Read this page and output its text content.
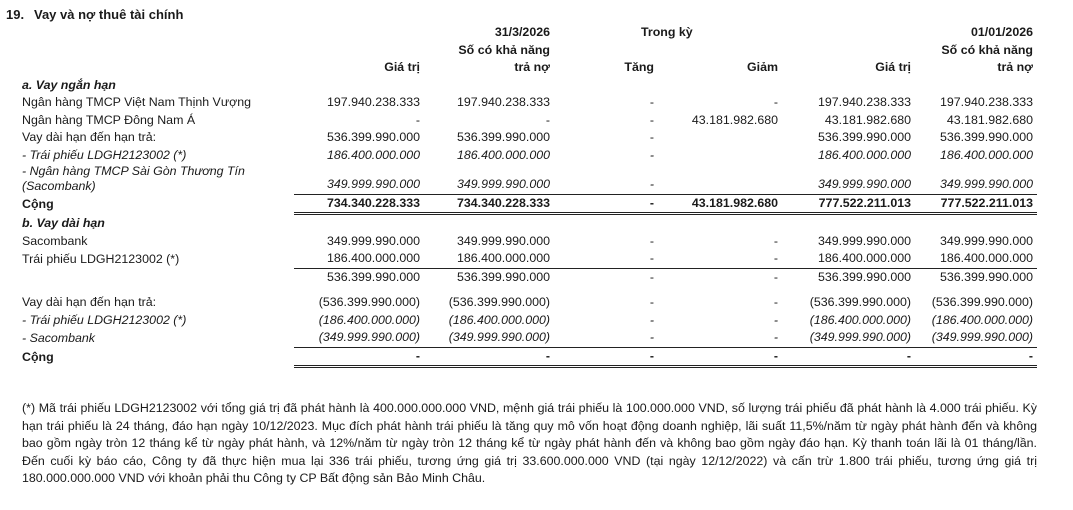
19. Vay và nợ thuê tài chính
		31/3/2026		Trong kỳ		01/01/2026
		Số có khả năng				Số có khả năng
	Giá trị	trả nợ	Tăng	Giảm	Giá trị	trả nợ
a. Vay ngắn hạn
Ngân hàng TMCP Việt Nam Thịnh Vượng	197.940.238.333	197.940.238.333	-	-	197.940.238.333	197.940.238.333
Ngân hàng TMCP Đông Nam Á	-	-	-	43.181.982.680	43.181.982.680	43.181.982.680
Vay dài hạn đến hạn trả:	536.399.990.000	536.399.990.000	-		536.399.990.000	536.399.990.000
- Trái phiếu LDGH2123002 (*)	186.400.000.000	186.400.000.000	-		186.400.000.000	186.400.000.000
- Ngân hàng TMCP Sài Gòn Thương Tín (Sacombank)	349.999.990.000	349.999.990.000	-		349.999.990.000	349.999.990.000
Cộng	734.340.228.333	734.340.228.333	-	43.181.982.680	777.522.211.013	777.522.211.013
b. Vay dài hạn
Sacombank	349.999.990.000	349.999.990.000	-	-	349.999.990.000	349.999.990.000
Trái phiếu LDGH2123002 (*)	186.400.000.000	186.400.000.000	-	-	186.400.000.000	186.400.000.000
	536.399.990.000	536.399.990.000	-	-	536.399.990.000	536.399.990.000

Vay dài hạn đến hạn trả:	(536.399.990.000)	(536.399.990.000)	-	-	(536.399.990.000)	(536.399.990.000)
- Trái phiếu LDGH2123002 (*)	(186.400.000.000)	(186.400.000.000)	-	-	(186.400.000.000)	(186.400.000.000)
- Sacombank	(349.999.990.000)	(349.999.990.000)	-	-	(349.999.990.000)	(349.999.990.000)
Cộng	-	-	-	-	-	-

(*) Mã trái phiếu LDGH2123002 với tổng giá trị đã phát hành là 400.000.000.000 VND, mệnh giá trái phiếu là 100.000.000 VND, số lượng trái phiếu đã phát hành là 4.000 trái phiếu. Kỳ hạn trái phiếu là 24 tháng, đáo hạn ngày 10/12/2023. Mục đích phát hành trái phiếu là tăng quy mô vốn hoạt động doanh nghiệp, lãi suất 11,5%/năm từ ngày phát hành đến và không bao gồm ngày tròn 12 tháng kể từ ngày phát hành, và 12%/năm từ ngày tròn 12 tháng kể từ ngày phát hành đến và không bao gồm ngày đáo hạn. Kỳ thanh toán lãi là 01 tháng/lần. Đến cuối kỳ báo cáo, Công ty đã thực hiện mua lại 336 trái phiếu, tương ứng giá trị 33.600.000.000 VND (tại ngày 12/12/2022) và cấn trừ 1.800 trái phiếu, tương ứng giá trị 180.000.000.000 VND với khoản phải thu Công ty CP Bất động sản Bảo Minh Châu.
